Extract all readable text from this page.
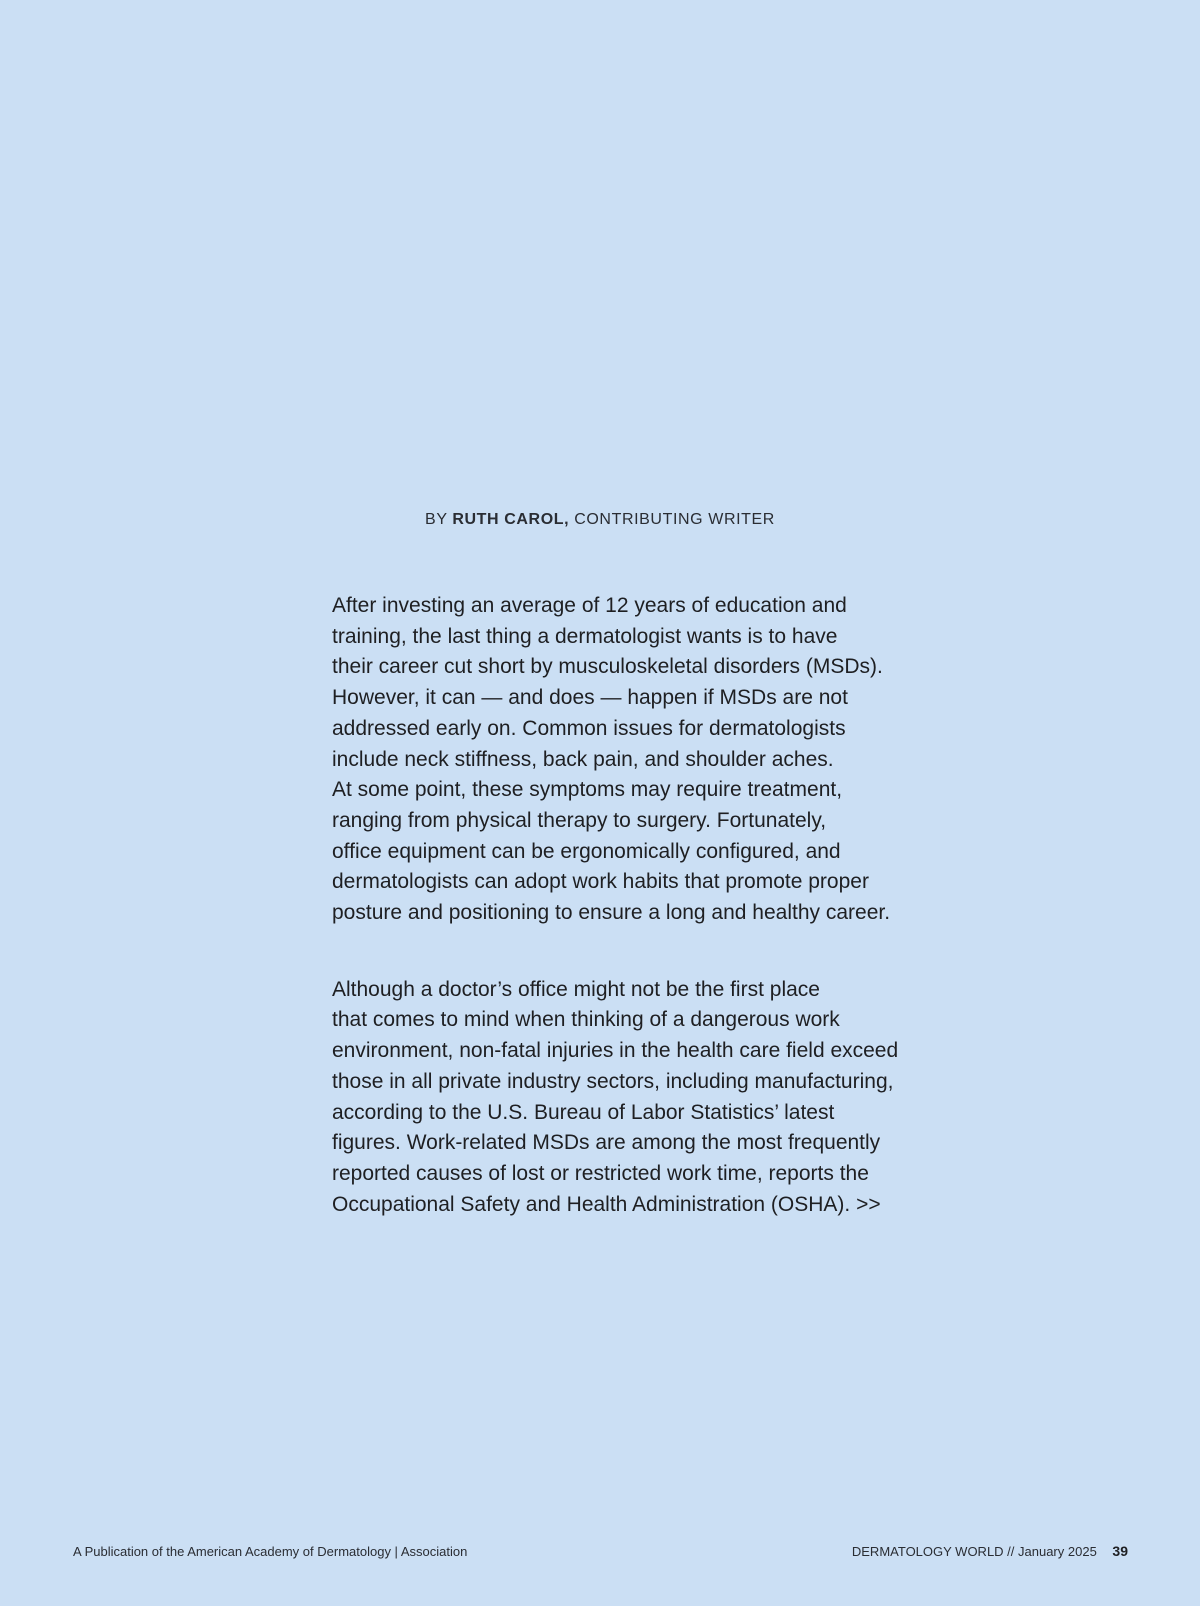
BY RUTH CAROL, CONTRIBUTING WRITER

After investing an average of 12 years of education and
training, the last thing a dermatologist wants is to have
their career cut short by musculoskeletal disorders (MSDs).
However, it can — and does — happen if MSDs are not
addressed early on. Common issues for dermatologists
include neck stiffness, back pain, and shoulder aches.
At some point, these symptoms may require treatment,
ranging from physical therapy to surgery. Fortunately,
office equipment can be ergonomically configured, and
dermatologists can adopt work habits that promote proper
posture and positioning to ensure a long and healthy career.

Although a doctor’s office might not be the first place
that comes to mind when thinking of a dangerous work
environment, non-fatal injuries in the health care field exceed
those in all private industry sectors, including manufacturing,
according to the U.S. Bureau of Labor Statistics’ latest
figures. Work-related MSDs are among the most frequently
reported causes of lost or restricted work time, reports the
Occupational Safety and Health Administration (OSHA). >>

A Publication of the American Academy of Dermatology | Association	DERMATOLOGY WORLD // January 2025 39
